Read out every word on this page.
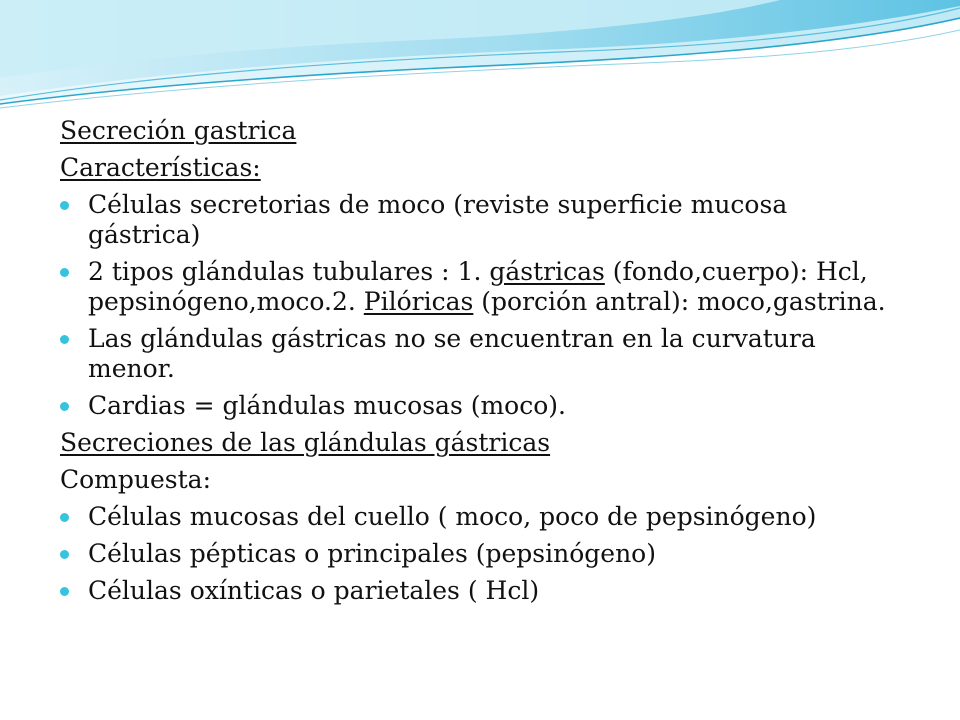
Secreción gastrica
Características:
Células secretorias de moco (reviste superficie mucosa gástrica)
2 tipos glándulas tubulares : 1. gástricas (fondo,cuerpo): Hcl, pepsinógeno,moco.2. Pilóricas (porción antral): moco,gastrina.
Las glándulas gástricas no se encuentran en la curvatura menor.
Cardias = glándulas mucosas (moco).
Secreciones de las glándulas gástricas
Compuesta:
Células mucosas del cuello ( moco, poco de pepsinógeno)
Células pépticas o principales (pepsinógeno)
Células oxínticas o parietales ( Hcl)
